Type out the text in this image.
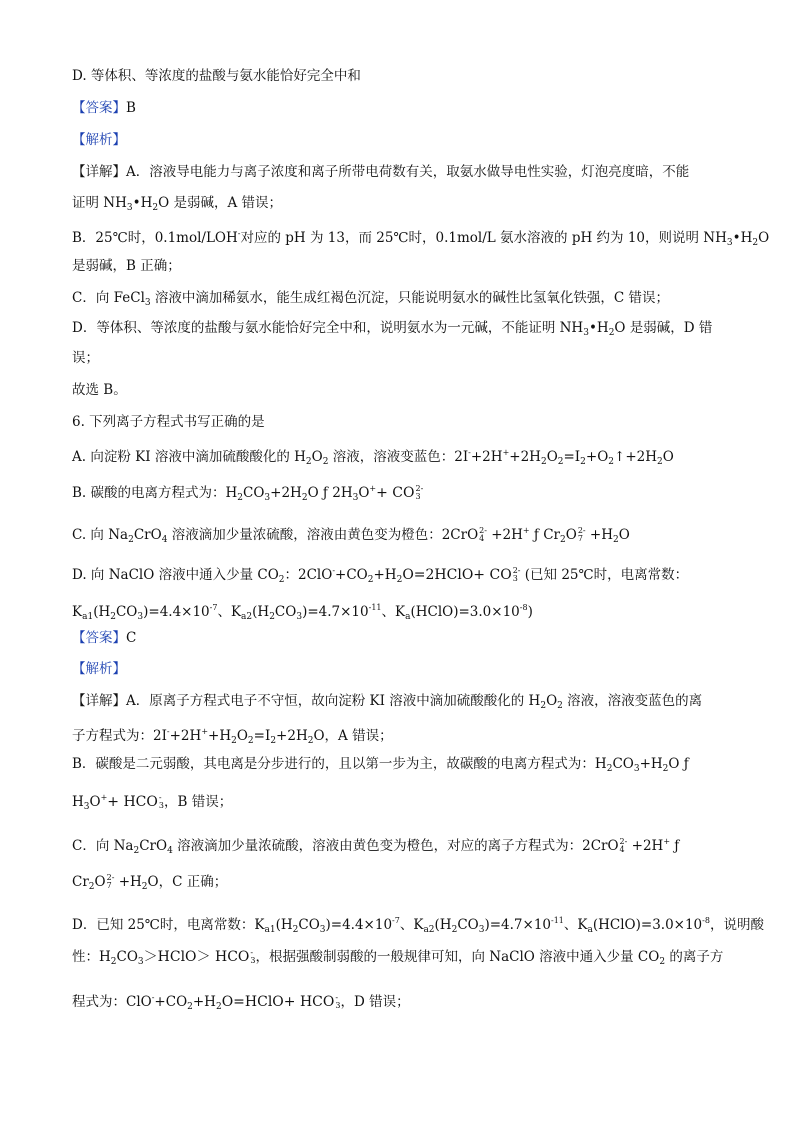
D. 等体积、等浓度的盐酸与氨水能恰好完全中和
【答案】B
【解析】
【详解】A．溶液导电能力与离子浓度和离子所带电荷数有关，取氨水做导电性实验，灯泡亮度暗，不能
证明 $NH_3•H_2O$ 是弱碱，A 错误；
B．25℃时，0.1mol/LOH-对应的 pH 为 13，而 25℃时，0.1mol/L 氨水溶液的 pH 约为 10，则说明 $NH_3•H_2O$
是弱碱，B 正确；
C．向 FeCl$_3$ 溶液中滴加稀氨水，能生成红褐色沉淀，只能说明氨水的碱性比氢氧化铁强，C 错误；
D．等体积、等浓度的盐酸与氨水能恰好完全中和，说明氨水为一元碱，不能证明 $NH_3•H_2O$ 是弱碱，D 错
误；
故选 B。
6. 下列离子方程式书写正确的是
A. 向淀粉 KI 溶液中滴加硫酸酸化的 $H_2O_2$ 溶液，溶液变蓝色：$2I^-+2H^++2H_2O_2=I_2+O_2↑+2H_2O$
B. 碳酸的电离方程式为：$H_2CO_3+2H_2O$ ƒ $2H_3O^++$ CO 2-
3
C. 向 $Na_2CrO_4$ 溶液滴加少量浓硫酸，溶液由黄色变为橙色：2CrO 2-
4 +2H+ ƒ $Cr_2O$ 2-
$7 +H_2O$
D. 向 NaClO 溶液中通入少量 $CO_2$：$2ClO^-+CO_2+H_2O=2HClO+$ CO 2-
3 (已知 25℃时，电离常数：
$K_{a1}(H_2CO_3)=4.4\times 10^{-7}$、$K_{a2}(H_2CO_3)=4.7\times 10^{-11}$、$K_a(HClO)=3.0\times 10^{-8}$)
【答案】C
【解析】
【详解】A．原离子方程式电子不守恒，故向淀粉 KI 溶液中滴加硫酸酸化的 $H_2O_2$ 溶液，溶液变蓝色的离
子方程式为：$2I^-+2H^++H_2O_2=I_2+2H_2O$，A 错误；
B．碳酸是二元弱酸，其电离是分步进行的，且以第一步为主，故碳酸的电离方程式为：$H_2CO_3+H_2O$ ƒ
$H_3O^++$ HCO -
3 ，B 错误；
C．向 $Na_2CrO_4$ 溶液滴加少量浓硫酸，溶液由黄色变为橙色，对应的离子方程式为：2CrO 2-
4 +2H+ ƒ
$Cr_2O$ 2-
$7 +H_2O$，C 正确；
D．已知 25℃时，电离常数：$K_{a1}(H_2CO_3)=4.4\times 10^{-7}$、$K_{a2}(H_2CO_3)=4.7\times 10^{-11}$、$K_a(HClO)=3.0\times 10^{-8}$，说明酸
性：$H_2CO_3>HClO>$ HCO -
3 ，根据强酸制弱酸的一般规律可知，向 NaClO 溶液中通入少量 $CO_2$ 的离子方
程式为：$ClO^-+CO_2+H_2O=HClO+$ HCO -
3 ，D 错误；
